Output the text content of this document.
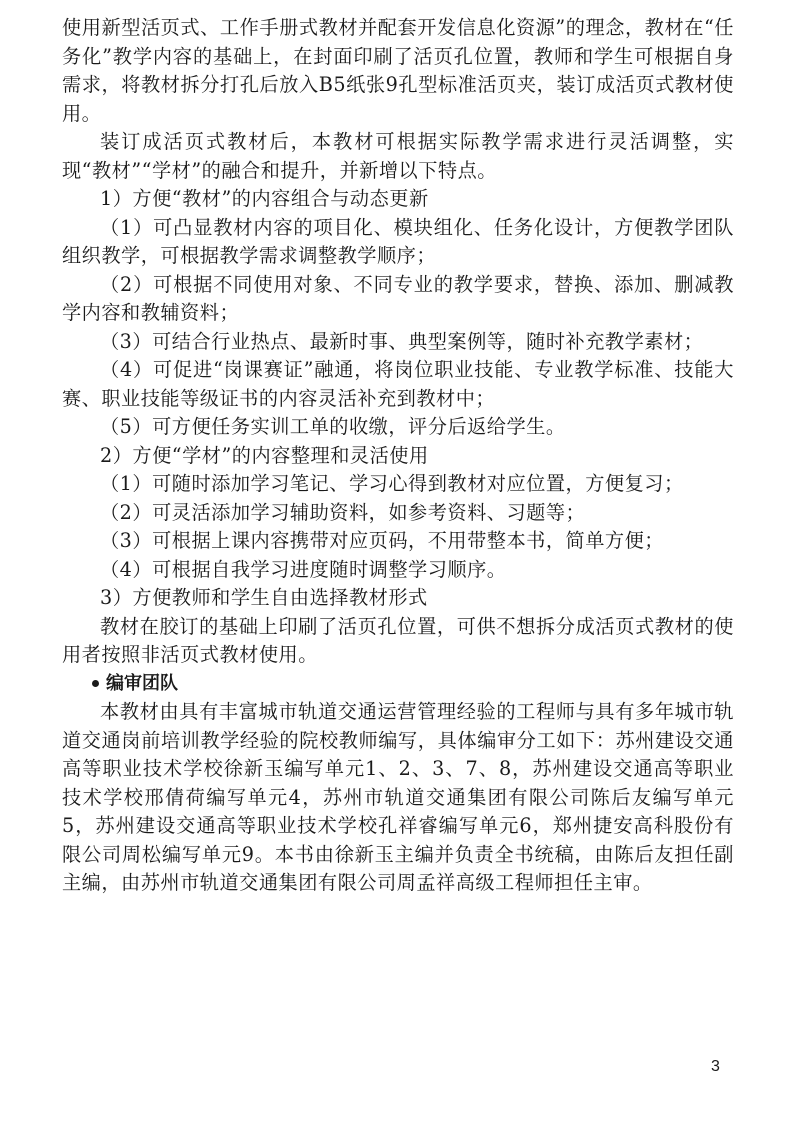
使用新型活页式、工作手册式教材并配套开发信息化资源”的理念，教材在“任务化”教学内容的基础上，在封面印刷了活页孔位置，教师和学生可根据自身需求，将教材拆分打孔后放入B5纸张9孔型标准活页夹，装订成活页式教材使用。

装订成活页式教材后，本教材可根据实际教学需求进行灵活调整，实现“教材”“学材”的融合和提升，并新增以下特点。

1）方便“教材”的内容组合与动态更新

（1）可凸显教材内容的项目化、模块组化、任务化设计，方便教学团队组织教学，可根据教学需求调整教学顺序；

（2）可根据不同使用对象、不同专业的教学要求，替换、添加、删减教学内容和教辅资料；

（3）可结合行业热点、最新时事、典型案例等，随时补充教学素材；

（4）可促进“岗课赛证”融通，将岗位职业技能、专业教学标准、技能大赛、职业技能等级证书的内容灵活补充到教材中；

（5）可方便任务实训工单的收缴，评分后返给学生。

2）方便“学材”的内容整理和灵活使用

（1）可随时添加学习笔记、学习心得到教材对应位置，方便复习；

（2）可灵活添加学习辅助资料，如参考资料、习题等；

（3）可根据上课内容携带对应页码，不用带整本书，简单方便；

（4）可根据自我学习进度随时调整学习顺序。

3）方便教师和学生自由选择教材形式

教材在胶订的基础上印刷了活页孔位置，可供不想拆分成活页式教材的使用者按照非活页式教材使用。

编审团队

本教材由具有丰富城市轨道交通运营管理经验的工程师与具有多年城市轨道交通岗前培训教学经验的院校教师编写，具体编审分工如下：苏州建设交通高等职业技术学校徐新玉编写单元1、2、3、7、8，苏州建设交通高等职业技术学校邢倩荷编写单元4，苏州市轨道交通集团有限公司陈后友编写单元5，苏州建设交通高等职业技术学校孔祥睿编写单元6，郑州捷安高科股份有限公司周松编写单元9。本书由徐新玉主编并负责全书统稿，由陈后友担任副主编，由苏州市轨道交通集团有限公司周孟祥高级工程师担任主审。

3
